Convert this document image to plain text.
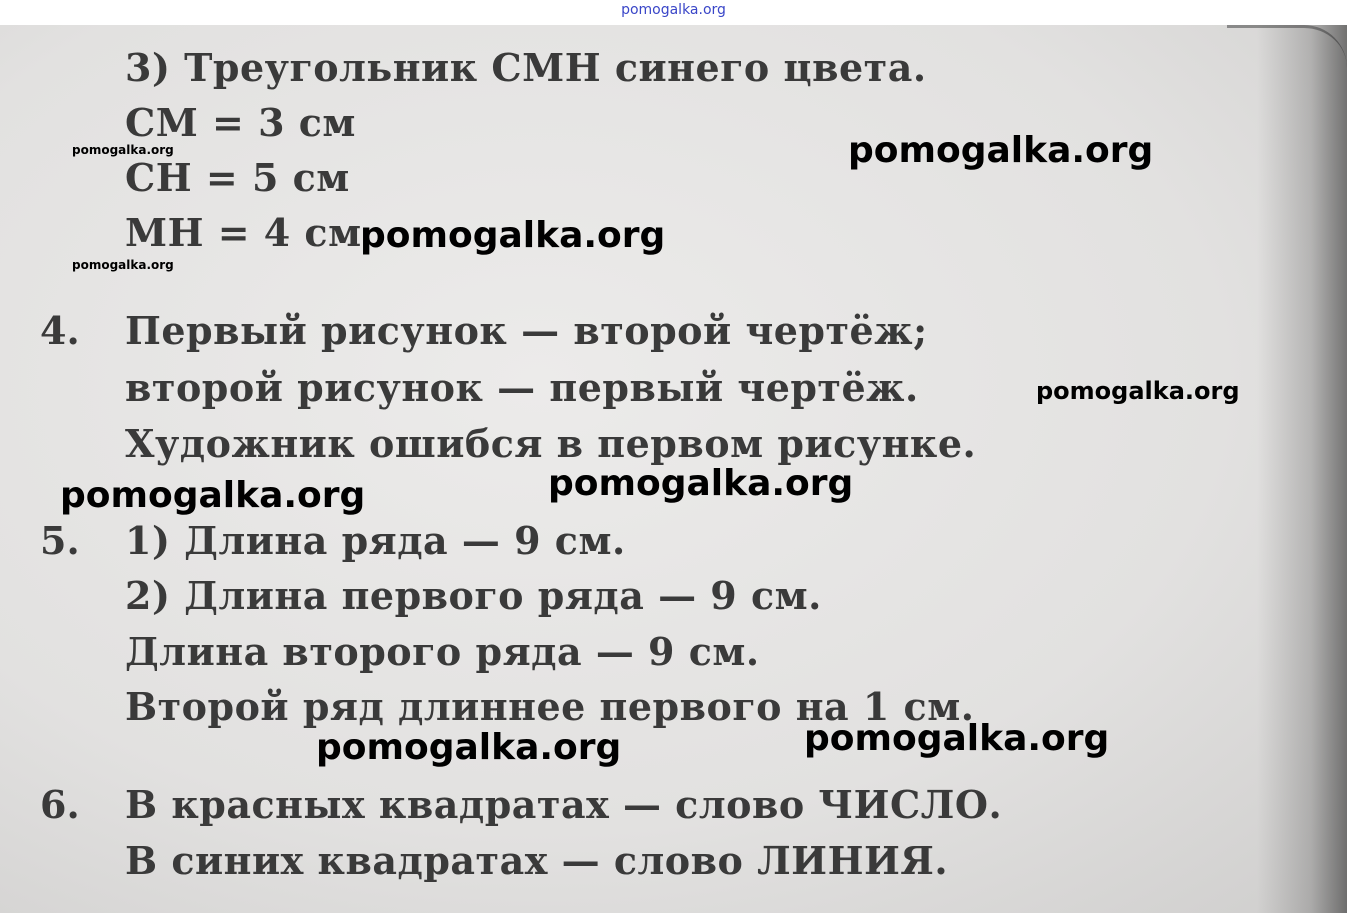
pomogalka.org

3) Треугольник СМН синего цвета.

СМ = 3 см

СН = 5 см

МН = 4 см

4. Первый рисунок — второй чертёж;

второй рисунок — первый чертёж.

Художник ошибся в первом рисунке.

5. 1) Длина ряда — 9 см.

2) Длина первого ряда — 9 см.

Длина второго ряда — 9 см.

Второй ряд длиннее первого на 1 см.

6. В красных квадратах — слово ЧИСЛО.

В синих квадратах — слово ЛИНИЯ.

pomogalka.org

pomogalka.org

pomogalka.org

pomogalka.org

pomogalka.org

pomogalka.org	pomogalka.org

pomogalka.org	pomogalka.org
